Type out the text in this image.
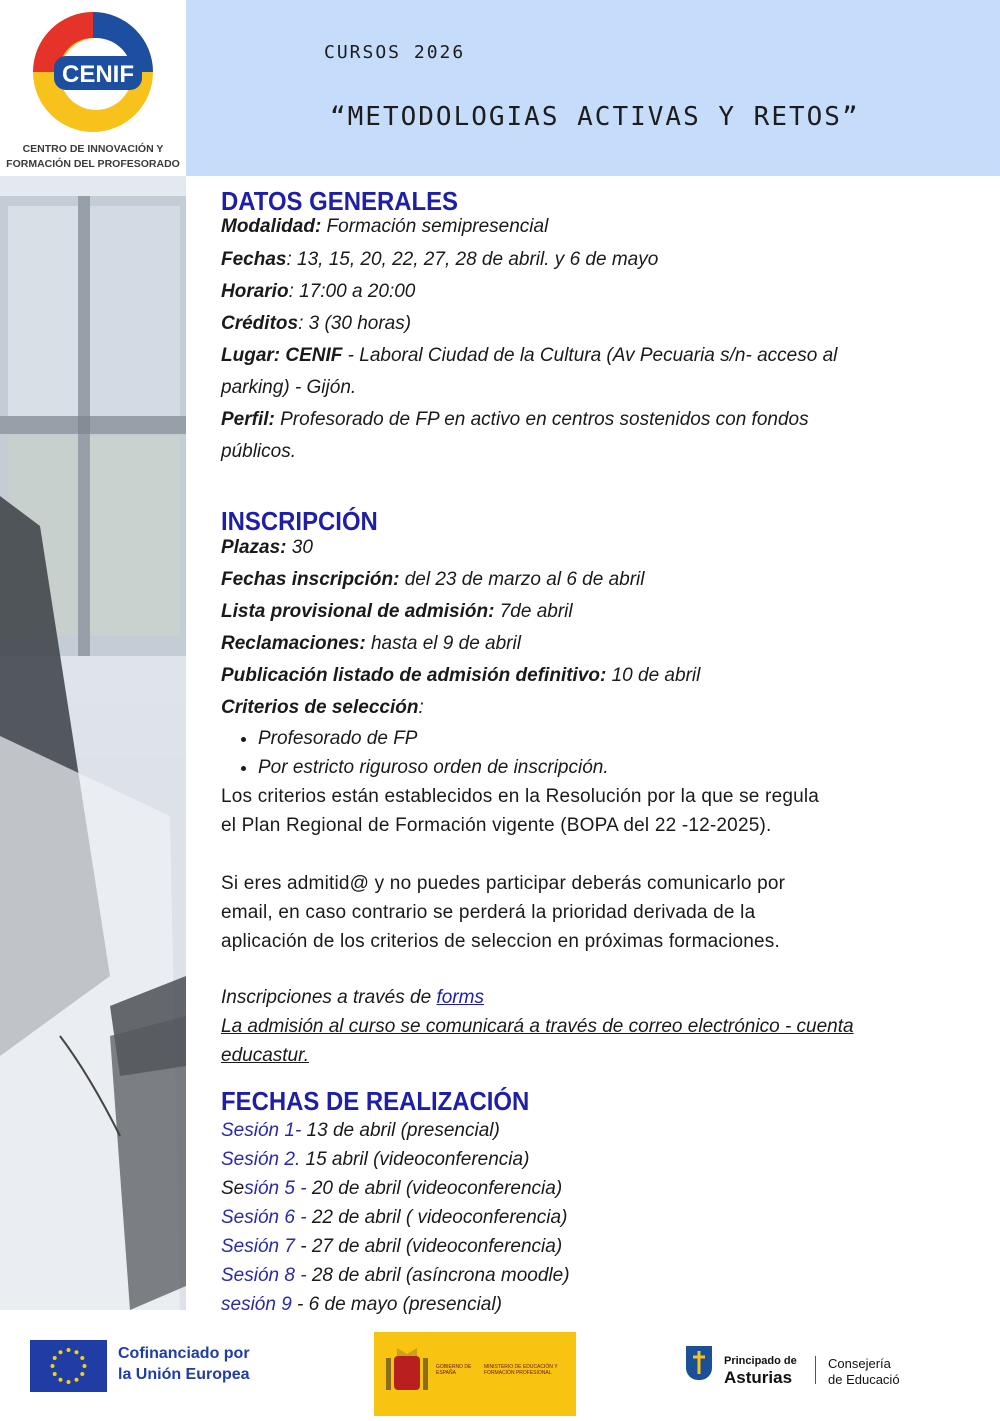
CURSOS 2026
“METODOLOGIAS ACTIVAS Y RETOS”
CENIF
CENTRO DE INNOVACIÓN Y
FORMACIÓN DEL PROFESORADO
DATOS GENERALES

Modalidad: Formación semipresencial

Fechas: 13, 15, 20, 22, 27, 28 de abril. y 6 de mayo

Horario: 17:00 a 20:00

Créditos: 3 (30 horas)

Lugar: CENIF - Laboral Ciudad de la Cultura (Av Pecuaria s/n- acceso al

parking) - Gijón.

Perfil: Profesorado de FP en activo en centros sostenidos con fondos

públicos.

INSCRIPCIÓN

Plazas: 30

Fechas inscripción: del 23 de marzo al 6 de abril

Lista provisional de admisión: 7de abril

Reclamaciones: hasta el 9 de abril

Publicación listado de admisión definitivo: 10 de abril

Criterios de selección:

• Profesorado de FP
• Por estricto riguroso orden de inscripción.

Los criterios están establecidos en la Resolución por la que se regula

el Plan Regional de Formación vigente (BOPA del 22 -12-2025).

Si eres admitid@ y no puedes participar deberás comunicarlo por

email, en caso contrario se perderá la prioridad derivada de la

aplicación de los criterios de seleccion en próximas formaciones.

Inscripciones a través de forms

La admisión al curso se comunicará a través de correo electrónico - cuenta

educastur.

FECHAS DE REALIZACIÓN

Sesión 1- 13 de abril (presencial)

Sesión 2. 15 abril (videoconferencia)

Sesión 5 - 20 de abril (videoconferencia)

Sesión 6 - 22 de abril ( videoconferencia)

Sesión 7 - 27 de abril (videoconferencia)

Sesión 8 - 28 de abril (asíncrona moodle)

sesión 9 - 6 de mayo (presencial)

Cofinanciado por
la Unión Europea	GOBIERNO DE ESPAÑA
MINISTERIO DE EDUCACIÓN Y FORMACIÓN PROFESIONAL
Principado de
Asturias
Consejería
de Educació
